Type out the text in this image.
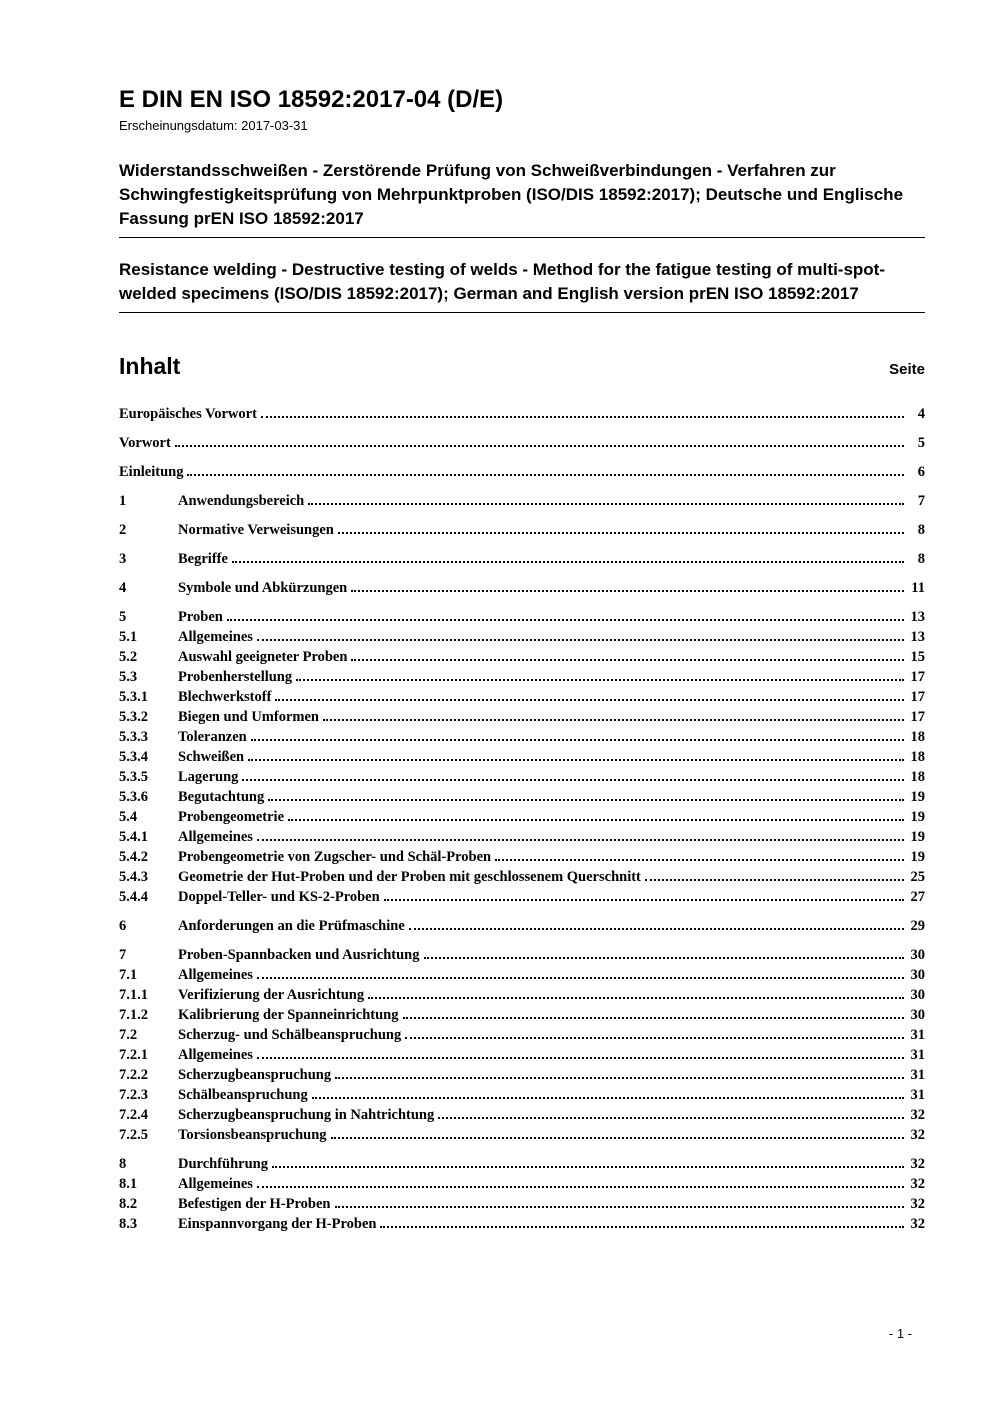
E DIN EN ISO 18592:2017-04 (D/E)
Erscheinungsdatum: 2017-03-31

Widerstandsschweißen - Zerstörende Prüfung von Schweißverbindungen - Verfahren zur Schwingfestigkeitsprüfung von Mehrpunktproben (ISO/DIS 18592:2017); Deutsche und Englische Fassung prEN ISO 18592:2017

Resistance welding - Destructive testing of welds - Method for the fatigue testing of multi-spot-welded specimens (ISO/DIS 18592:2017); German and English version prEN ISO 18592:2017

Inhalt	Seite
Europäisches Vorwort	4
Vorwort	5
Einleitung	6
1	Anwendungsbereich	7
2	Normative Verweisungen	8
3	Begriffe	8
4	Symbole und Abkürzungen	11
5	Proben	13
5.1	Allgemeines	13
5.2	Auswahl geeigneter Proben	15
5.3	Probenherstellung	17
5.3.1	Blechwerkstoff	17
5.3.2	Biegen und Umformen	17
5.3.3	Toleranzen	18
5.3.4	Schweißen	18
5.3.5	Lagerung	18
5.3.6	Begutachtung	19
5.4	Probengeometrie	19
5.4.1	Allgemeines	19
5.4.2	Probengeometrie von Zugscher- und Schäl-Proben	19
5.4.3	Geometrie der Hut-Proben und der Proben mit geschlossenem Querschnitt	25
5.4.4	Doppel-Teller- und KS-2-Proben	27
6	Anforderungen an die Prüfmaschine	29
7	Proben-Spannbacken und Ausrichtung	30
7.1	Allgemeines	30
7.1.1	Verifizierung der Ausrichtung	30
7.1.2	Kalibrierung der Spanneinrichtung	30
7.2	Scherzug- und Schälbeanspruchung	31
7.2.1	Allgemeines	31
7.2.2	Scherzugbeanspruchung	31
7.2.3	Schälbeanspruchung	31
7.2.4	Scherzugbeanspruchung in Nahtrichtung	32
7.2.5	Torsionsbeanspruchung	32
8	Durchführung	32
8.1	Allgemeines	32
8.2	Befestigen der H-Proben	32
8.3	Einspannvorgang der H-Proben	32
- 1 -
